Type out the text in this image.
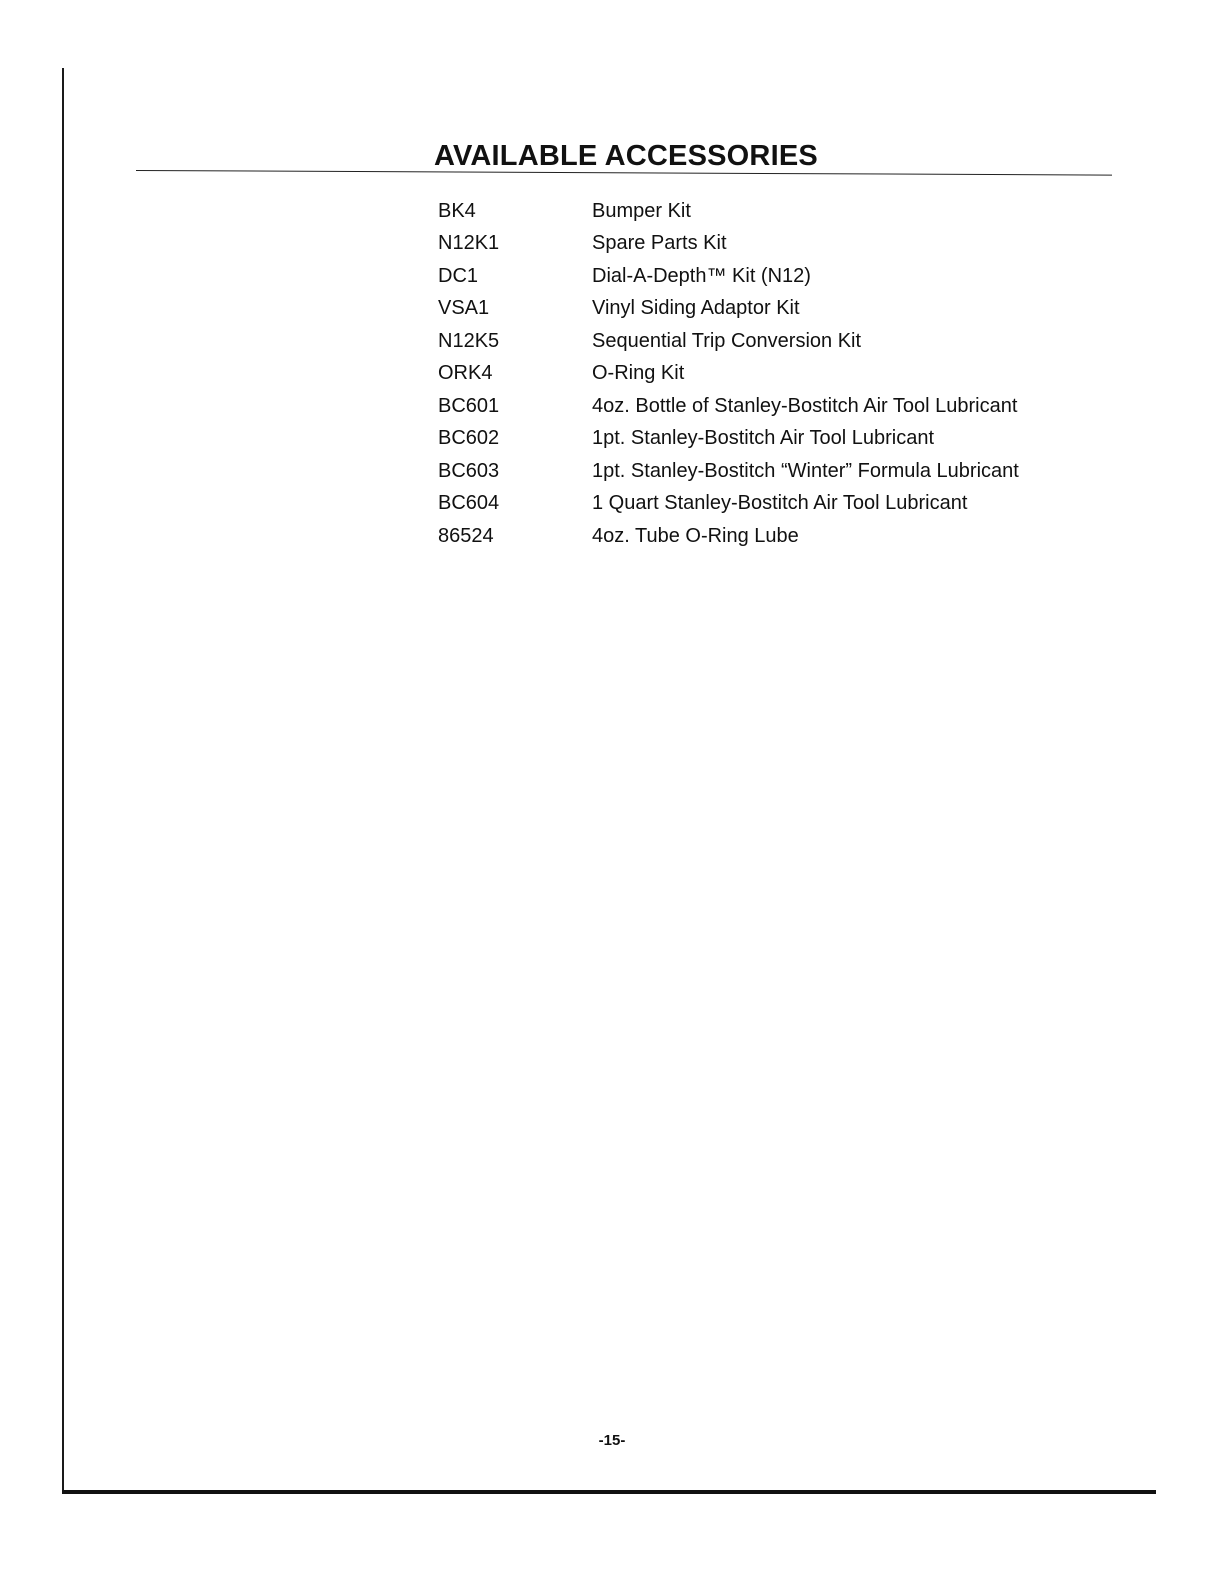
AVAILABLE ACCESSORIES
BK4	Bumper Kit
N12K1	Spare Parts Kit
DC1	Dial-A-Depth™ Kit (N12)
VSA1	Vinyl Siding Adaptor Kit
N12K5	Sequential Trip Conversion Kit
ORK4	O-Ring Kit
BC601	4oz. Bottle of Stanley-Bostitch Air Tool Lubricant
BC602	1pt. Stanley-Bostitch Air Tool Lubricant
BC603	1pt. Stanley-Bostitch “Winter” Formula Lubricant
BC604	1 Quart Stanley-Bostitch Air Tool Lubricant
86524	4oz. Tube O-Ring Lube
-15-
